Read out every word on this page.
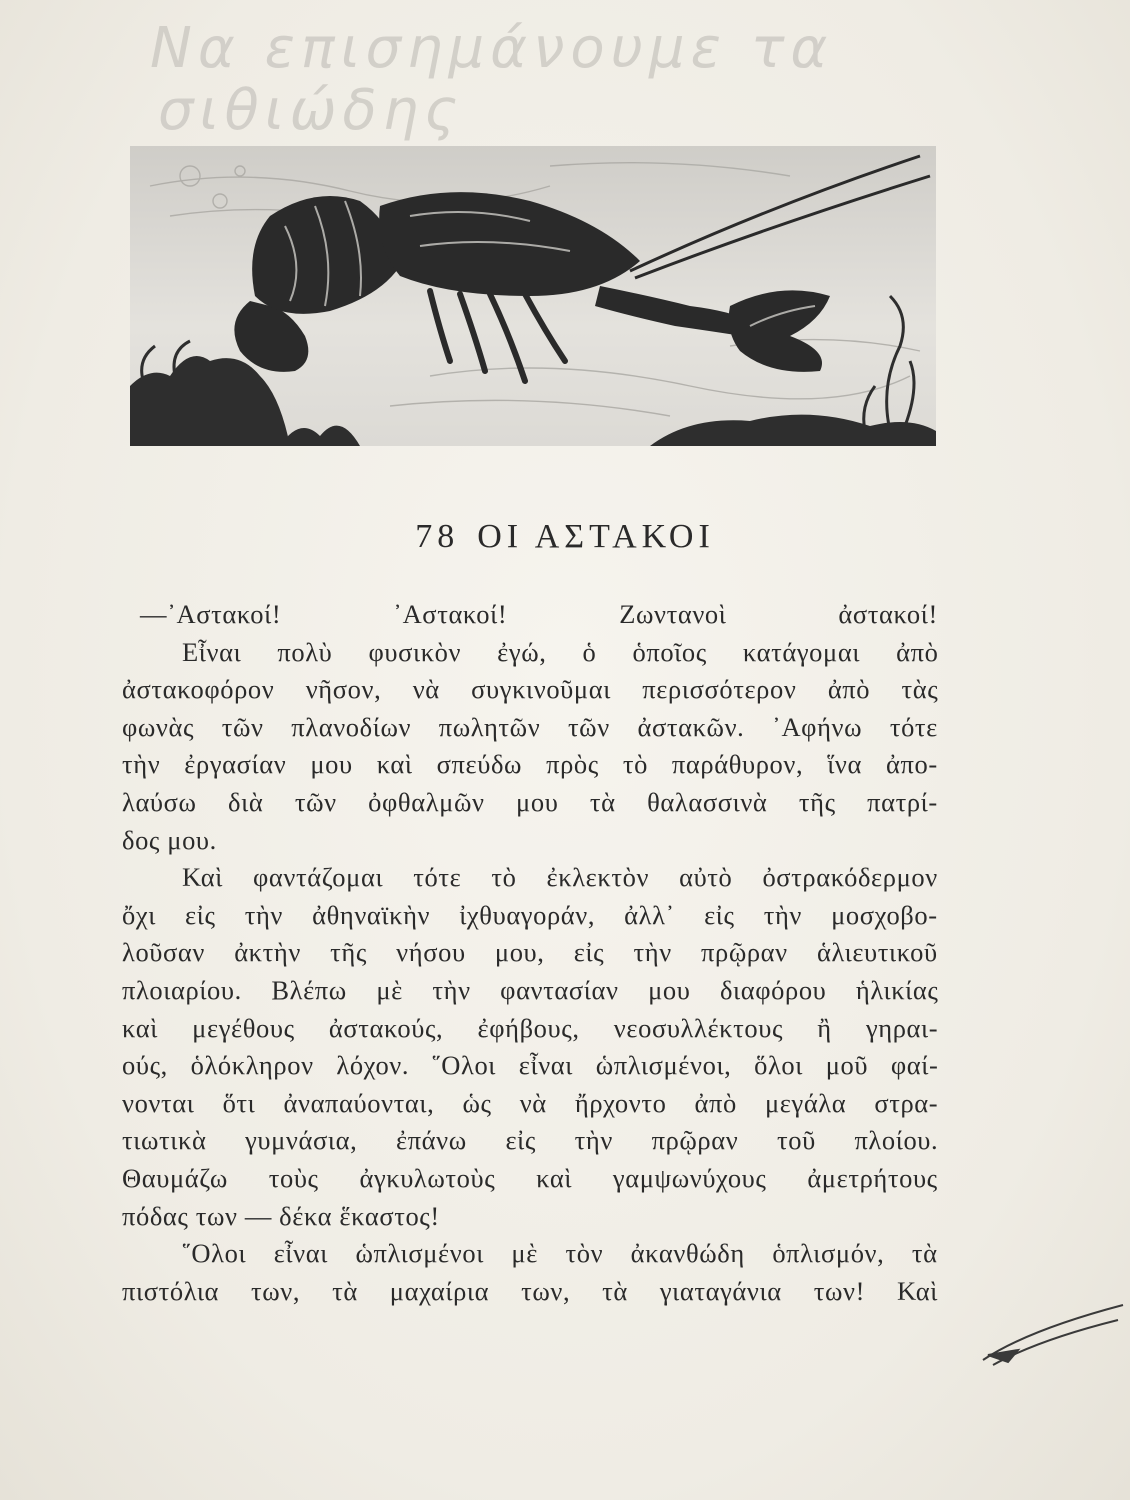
Να επισημάνουμε τα
σιθιώδης
78 ΟΙ ΑΣΤΑΚΟΙ
—᾿Αστακοί! ᾿Αστακοί! Ζωντανοὶ ἀστακοί!
Εἶναι πολὺ φυσικὸν ἐγώ, ὁ ὁποῖος κατάγομαι ἀπὸ
ἀστακοφόρον νῆσον, νὰ συγκινοῦμαι περισσότερον ἀπὸ τὰς
φωνὰς τῶν πλανοδίων πωλητῶν τῶν ἀστακῶν. ᾿Αφήνω τότε
τὴν ἐργασίαν μου καὶ σπεύδω πρὸς τὸ παράθυρον, ἵνα ἀπο-
λαύσω διὰ τῶν ὀφθαλμῶν μου τὰ θαλασσινὰ τῆς πατρί-
δος μου.
Καὶ φαντάζομαι τότε τὸ ἐκλεκτὸν αὐτὸ ὀστρακόδερμον
ὄχι εἰς τὴν ἀθηναϊκὴν ἰχθυαγοράν, ἀλλ᾿ εἰς τὴν μοσχοβο-
λοῦσαν ἀκτὴν τῆς νήσου μου, εἰς τὴν πρῷραν ἁλιευτικοῦ
πλοιαρίου. Βλέπω μὲ τὴν φαντασίαν μου διαφόρου ἡλικίας
καὶ μεγέθους ἀστακούς, ἐφήβους, νεοσυλλέκτους ἢ γηραι-
ούς, ὁλόκληρον λόχον. ῞Ολοι εἶναι ὡπλισμένοι, ὅλοι μοῦ φαί-
νονται ὅτι ἀναπαύονται, ὡς νὰ ἤρχοντο ἀπὸ μεγάλα στρα-
τιωτικὰ γυμνάσια, ἐπάνω εἰς τὴν πρῷραν τοῦ πλοίου.
Θαυμάζω τοὺς ἀγκυλωτοὺς καὶ γαμψωνύχους ἀμετρήτους
πόδας των — δέκα ἕκαστος!
῞Ολοι εἶναι ὡπλισμένοι μὲ τὸν ἀκανθώδη ὁπλισμόν, τὰ
πιστόλια των, τὰ μαχαίρια των, τὰ γιαταγάνια των! Καὶ
